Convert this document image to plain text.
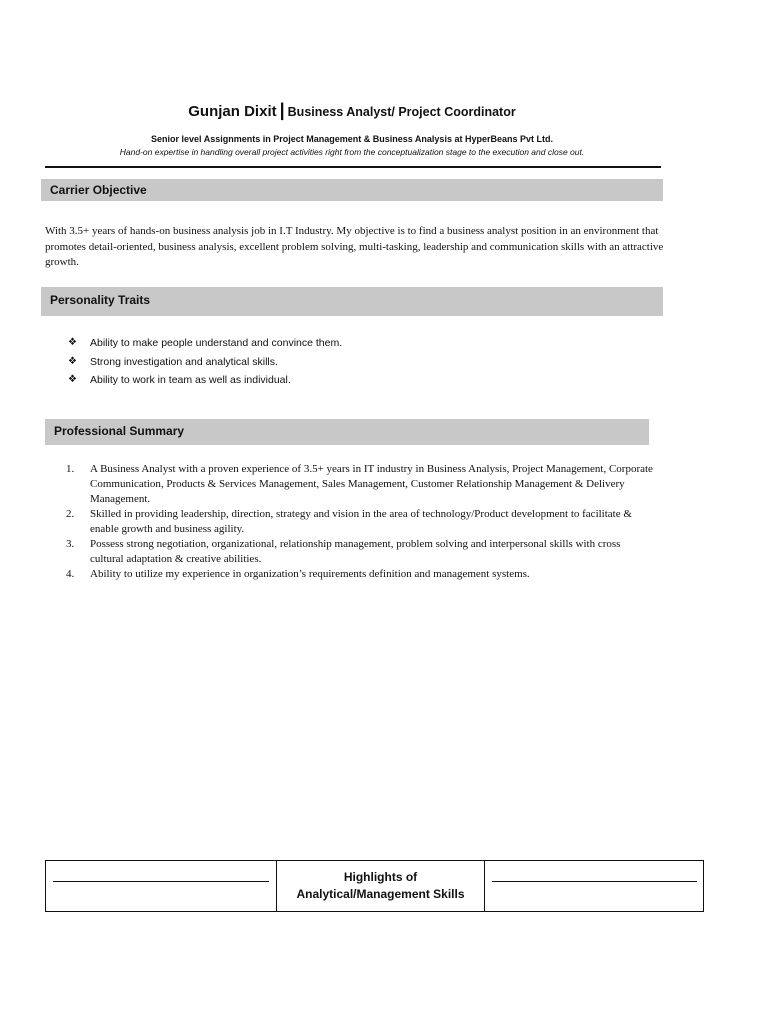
Gunjan Dixit | Business Analyst/ Project Coordinator
Senior level Assignments in Project Management & Business Analysis at HyperBeans Pvt Ltd.
Hand-on expertise in handling overall project activities right from the conceptualization stage to the execution and close out.
Carrier Objective
With 3.5+ years of hands-on business analysis job in I.T Industry. My objective is to find a business analyst position in an environment that promotes detail-oriented, business analysis, excellent problem solving, multi-tasking, leadership and communication skills with an attractive growth.
Personality Traits
❖	Ability to make people understand and convince them.
❖	Strong investigation and analytical skills.
❖	Ability to work in team as well as individual.
Professional Summary
1.	A Business Analyst with a proven experience of 3.5+ years in IT industry in Business Analysis, Project Management, Corporate Communication, Products & Services Management, Sales Management, Customer Relationship Management & Delivery Management.
2.	Skilled in providing leadership, direction, strategy and vision in the area of technology/Product development to facilitate & enable growth and business agility.
3.	Possess strong negotiation, organizational, relationship management, problem solving and interpersonal skills with cross cultural adaptation & creative abilities.
4.	Ability to utilize my experience in organization’s requirements definition and management systems.
Highlights of
Analytical/Management Skills
